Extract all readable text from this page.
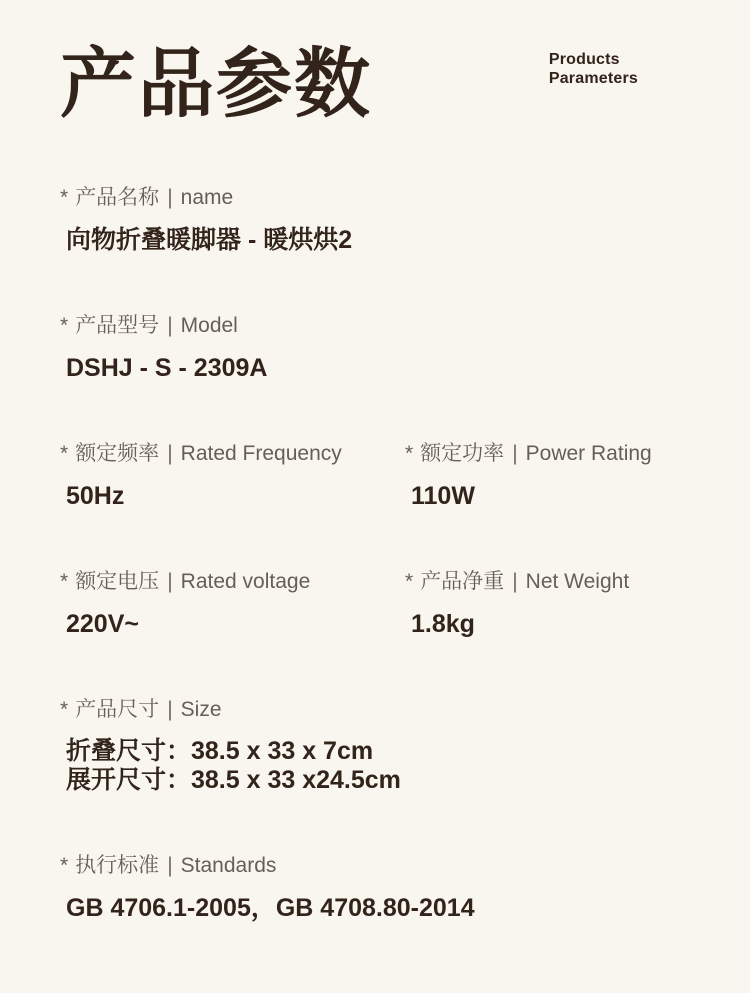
产品参数	Products
Parameters
* 产品名称 | name
向物折叠暖脚器 - 暖烘烘2
* 产品型号 | Model
DSHJ - S - 2309A
* 额定频率 | Rated Frequency
50Hz
* 额定功率 | Power Rating
110W
* 额定电压 | Rated voltage
220V~
* 产品净重 | Net Weight
1.8kg
* 产品尺寸 | Size
折叠尺寸：38.5 x 33 x 7cm
展开尺寸：38.5 x 33 x24.5cm
* 执行标准 | Standards
GB 4706.1-2005，GB 4708.80-2014
